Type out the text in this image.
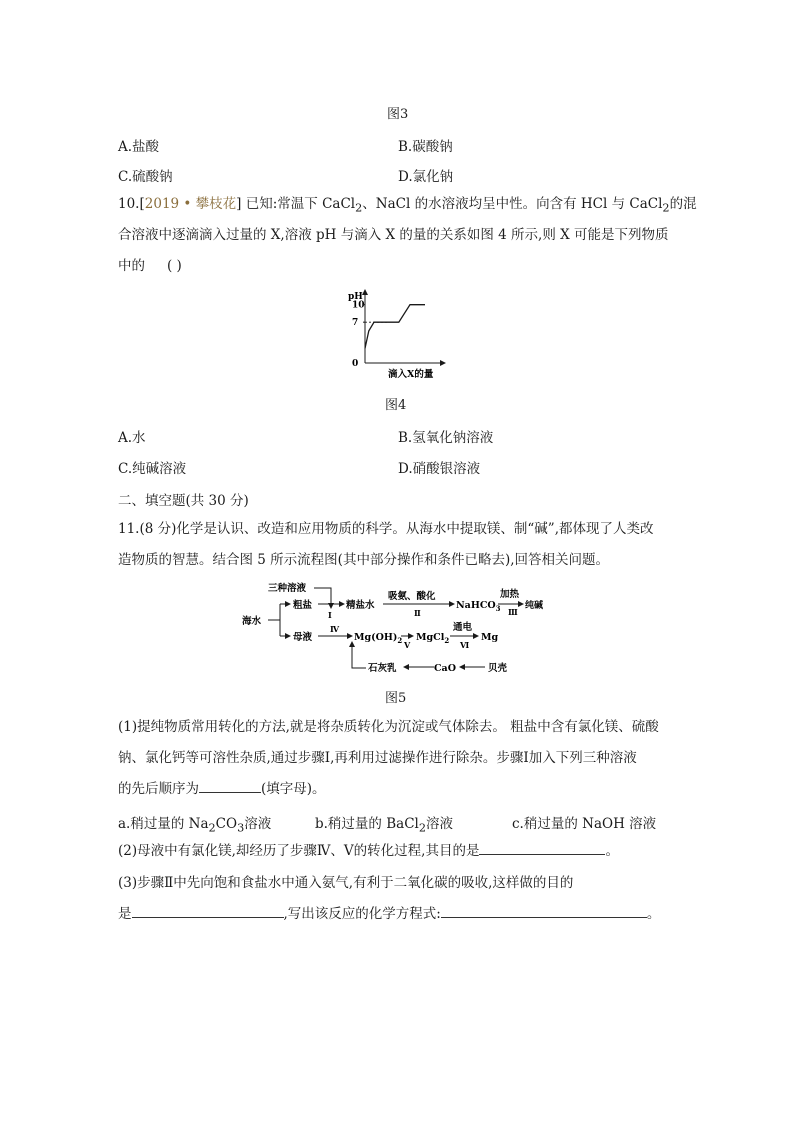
图3
A.盐酸	B.碳酸钠
C.硫酸钠	D.氯化钠
10.[2019 • 攀枝花] 已知:常温下 CaCl$_2$、NaCl 的水溶液均呈中性。向含有 HCl 与 CaCl$_2$的混
合溶液中逐滴滴入过量的 X,溶液 pH 与滴入 X 的量的关系如图 4 所示,则 X 可能是下列物质
中的 ( )
pH
0
7
10
滴入X的量
图4
A.水	B.氢氧化钠溶液
C.纯碱溶液	D.硝酸银溶液
二、填空题(共 30 分)
11.(8 分)化学是认识、改造和应用物质的科学。从海水中提取镁、制“碱”,都体现了人类改
造物质的智慧。结合图 5 所示流程图(其中部分操作和条件已略去),回答相关问题。
三种溶液
海水
粗盐
Ⅰ
精盐水
吸氨、酸化
Ⅱ
NaHCO$_3$
加热
Ⅲ
纯碱
母液
Ⅳ
$Mg(OH)_2$ Ⅴ
MgCl$_2$
通电
Ⅵ
Mg
石灰乳	CaO	贝壳
图5
(1)提纯物质常用转化的方法,就是将杂质转化为沉淀或气体除去。 粗盐中含有氯化镁、硫酸
钠、氯化钙等可溶性杂质,通过步骤Ⅰ,再利用过滤操作进行除杂。步骤Ⅰ加入下列三种溶液
的先后顺序为	(填字母)。
a.稍过量的 $Na_2CO_3$溶液	b.稍过量的 BaCl$_2$溶液	c.稍过量的 NaOH 溶液
(2)母液中有氯化镁,却经历了步骤Ⅳ、Ⅴ的转化过程,其目的是	。
(3)步骤Ⅱ中先向饱和食盐水中通入氨气,有利于二氧化碳的吸收,这样做的目的
是	,写出该反应的化学方程式:	。
